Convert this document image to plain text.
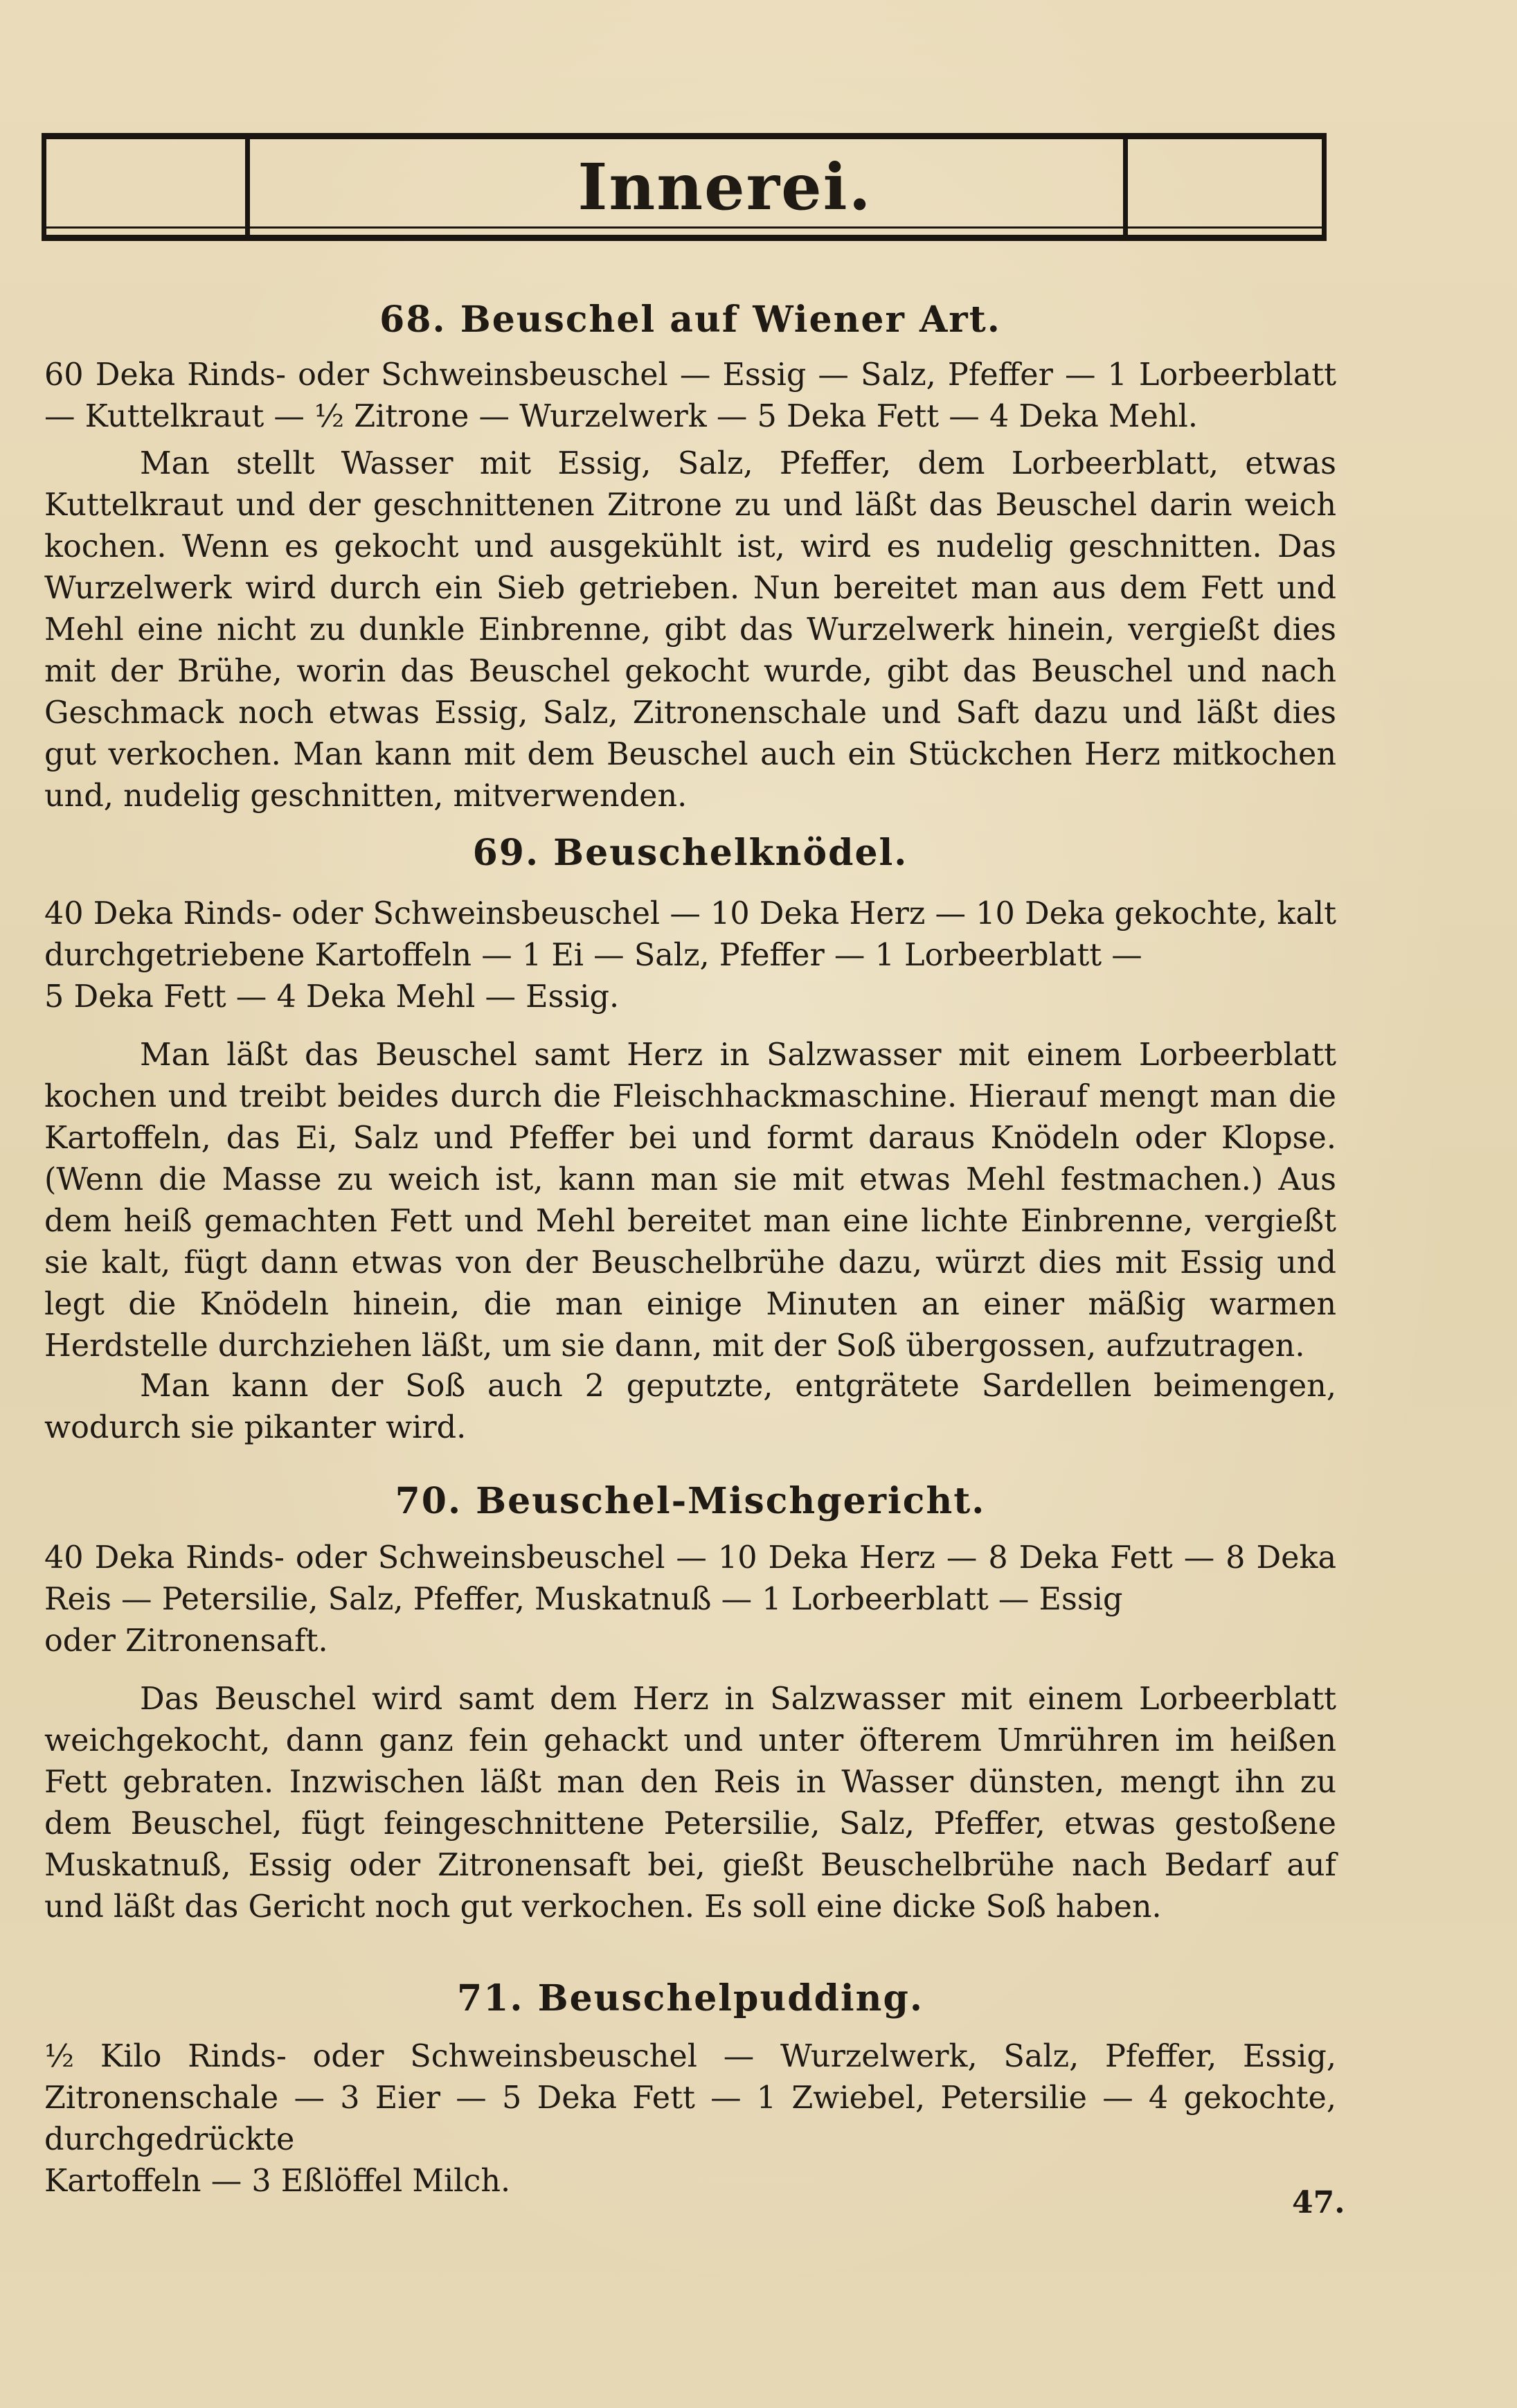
Innerei.
68. Beuschel auf Wiener Art.

60 Deka Rinds- oder Schweinsbeuschel — Essig — Salz, Pfeffer — 1 Lorbeerblatt — Kuttelkraut — ½ Zitrone — Wurzelwerk — 5 Deka Fett — 4 Deka Mehl.

Man stellt Wasser mit Essig, Salz, Pfeffer, dem Lorbeerblatt, etwas Kuttelkraut und der geschnittenen Zitrone zu und läßt das Beuschel darin weich kochen. Wenn es gekocht und ausgekühlt ist, wird es nudelig geschnitten. Das Wurzelwerk wird durch ein Sieb getrieben. Nun bereitet man aus dem Fett und Mehl eine nicht zu dunkle Einbrenne, gibt das Wurzelwerk hinein, vergießt dies mit der Brühe, worin das Beuschel gekocht wurde, gibt das Beuschel und nach Geschmack noch etwas Essig, Salz, Zitronenschale und Saft dazu und läßt dies gut verkochen. Man kann mit dem Beuschel auch ein Stückchen Herz mitkochen und, nudelig geschnitten, mitverwenden.

69. Beuschelknödel.

40 Deka Rinds- oder Schweinsbeuschel — 10 Deka Herz — 10 Deka gekochte, kalt durchgetriebene Kartoffeln — 1 Ei — Salz, Pfeffer — 1 Lorbeerblatt —
5 Deka Fett — 4 Deka Mehl — Essig.

Man läßt das Beuschel samt Herz in Salzwasser mit einem Lorbeerblatt kochen und treibt beides durch die Fleischhackmaschine. Hierauf mengt man die Kartoffeln, das Ei, Salz und Pfeffer bei und formt daraus Knödeln oder Klopse. (Wenn die Masse zu weich ist, kann man sie mit etwas Mehl festmachen.) Aus dem heiß gemachten Fett und Mehl bereitet man eine lichte Einbrenne, vergießt sie kalt, fügt dann etwas von der Beuschelbrühe dazu, würzt dies mit Essig und legt die Knödeln hinein, die man einige Minuten an einer mäßig warmen Herdstelle durchziehen läßt, um sie dann, mit der Soß übergossen, aufzutragen.

Man kann der Soß auch 2 geputzte, entgrätete Sardellen beimengen, wodurch sie pikanter wird.

70. Beuschel-Mischgericht.

40 Deka Rinds- oder Schweinsbeuschel — 10 Deka Herz — 8 Deka Fett — 8 Deka Reis — Petersilie, Salz, Pfeffer, Muskatnuß — 1 Lorbeerblatt — Essig
oder Zitronensaft.

Das Beuschel wird samt dem Herz in Salzwasser mit einem Lorbeerblatt weichgekocht, dann ganz fein gehackt und unter öfterem Umrühren im heißen Fett gebraten. Inzwischen läßt man den Reis in Wasser dünsten, mengt ihn zu dem Beuschel, fügt feingeschnittene Petersilie, Salz, Pfeffer, etwas gestoßene Muskatnuß, Essig oder Zitronensaft bei, gießt Beuschelbrühe nach Bedarf auf und läßt das Gericht noch gut verkochen. Es soll eine dicke Soß haben.

71. Beuschelpudding.

½ Kilo Rinds- oder Schweinsbeuschel — Wurzelwerk, Salz, Pfeffer, Essig, Zitronenschale — 3 Eier — 5 Deka Fett — 1 Zwiebel, Petersilie — 4 gekochte, durchgedrückte
Kartoffeln — 3 Eßlöffel Milch.

47.
